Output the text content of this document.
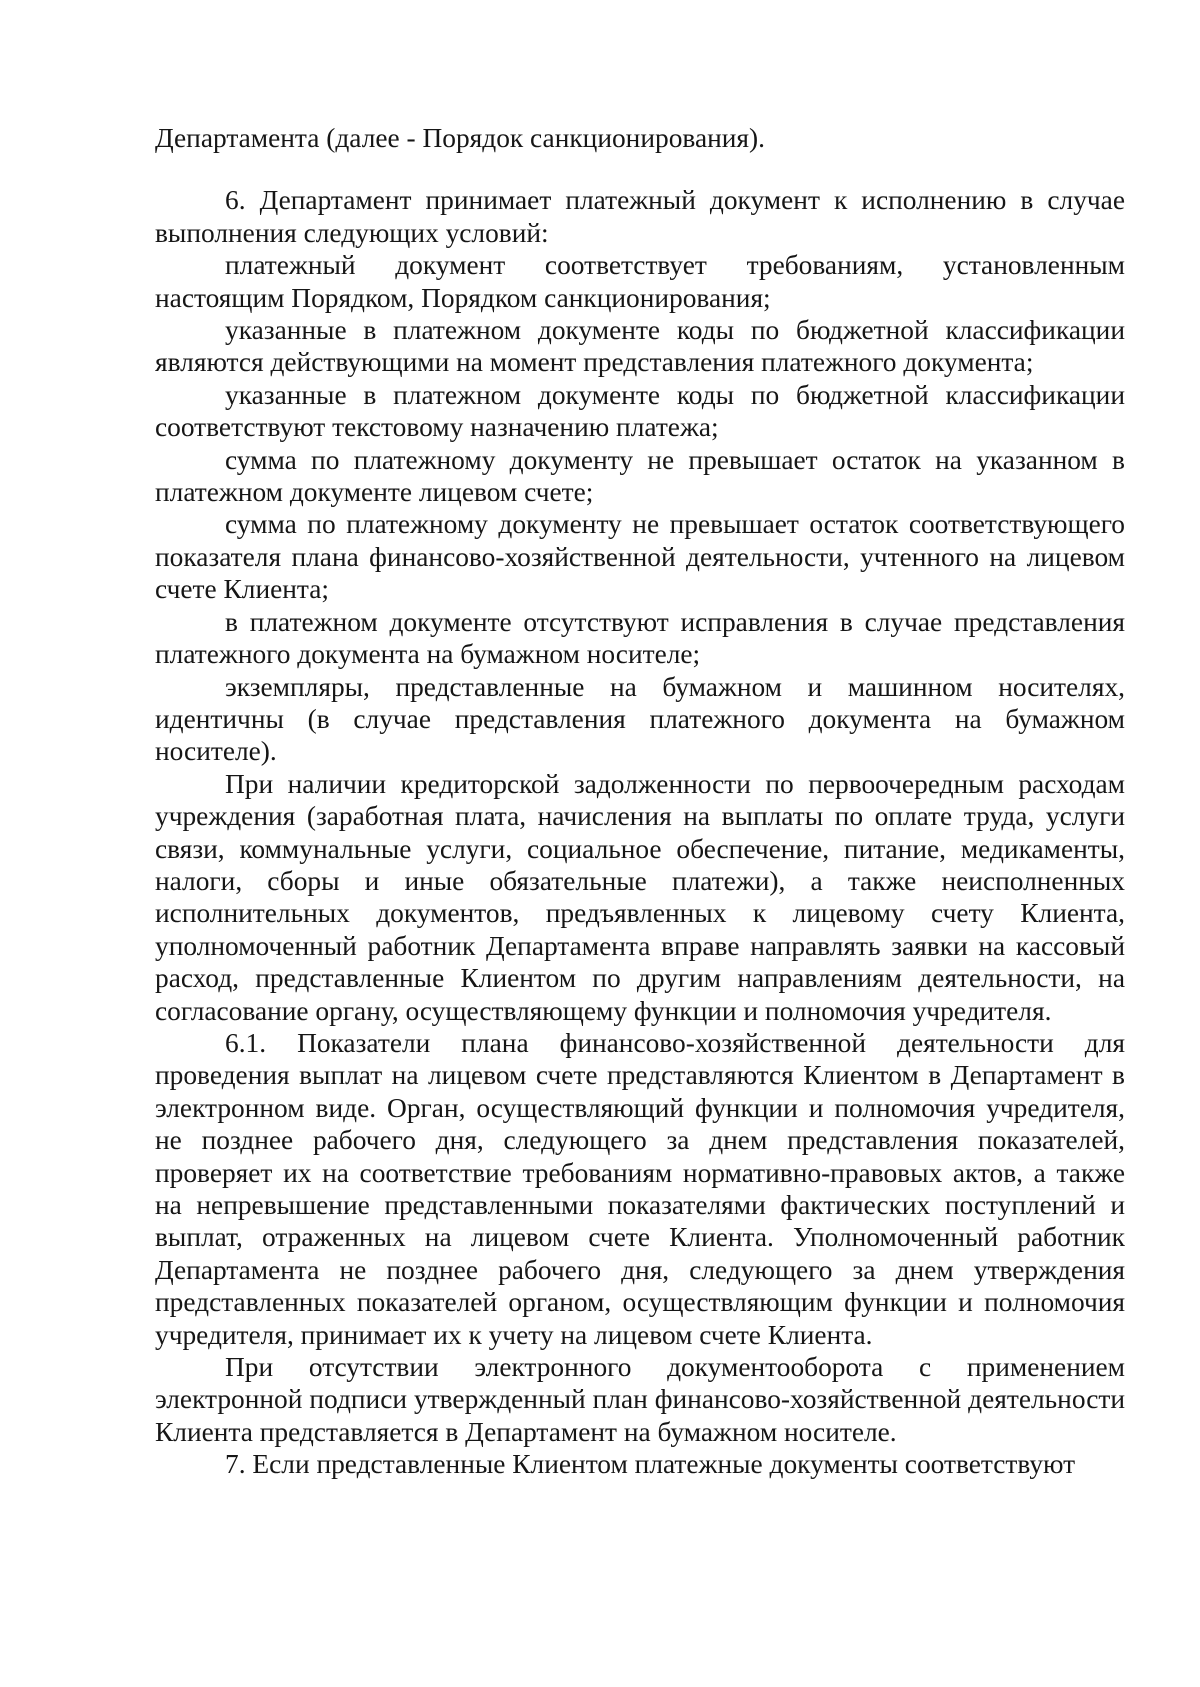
Департамента (далее - Порядок санкционирования).

6. Департамент принимает платежный документ к исполнению в случае выполнения следующих условий:

платежный документ соответствует требованиям, установленным настоящим Порядком, Порядком санкционирования;

указанные в платежном документе коды по бюджетной классификации являются действующими на момент представления платежного документа;

указанные в платежном документе коды по бюджетной классификации соответствуют текстовому назначению платежа;

сумма по платежному документу не превышает остаток на указанном в платежном документе лицевом счете;

сумма по платежному документу не превышает остаток соответствующего показателя плана финансово-хозяйственной деятельности, учтенного на лицевом счете Клиента;

в платежном документе отсутствуют исправления в случае представления платежного документа на бумажном носителе;

экземпляры, представленные на бумажном и машинном носителях, идентичны (в случае представления платежного документа на бумажном носителе).

При наличии кредиторской задолженности по первоочередным расходам учреждения (заработная плата, начисления на выплаты по оплате труда, услуги связи, коммунальные услуги, социальное обеспечение, питание, медикаменты, налоги, сборы и иные обязательные платежи), а также неисполненных исполнительных документов, предъявленных к лицевому счету Клиента, уполномоченный работник Департамента вправе направлять заявки на кассовый расход, представленные Клиентом по другим направлениям деятельности, на согласование органу, осуществляющему функции и полномочия учредителя.

6.1. Показатели плана финансово-хозяйственной деятельности для проведения выплат на лицевом счете представляются Клиентом в Департамент в электронном виде. Орган, осуществляющий функции и полномочия учредителя, не позднее рабочего дня, следующего за днем представления показателей, проверяет их на соответствие требованиям нормативно-правовых актов, а также на непревышение представленными показателями фактических поступлений и выплат, отраженных на лицевом счете Клиента. Уполномоченный работник Департамента не позднее рабочего дня, следующего за днем утверждения представленных показателей органом, осуществляющим функции и полномочия учредителя, принимает их к учету на лицевом счете Клиента.

При отсутствии электронного документооборота с применением электронной подписи утвержденный план финансово-хозяйственной деятельности Клиента представляется в Департамент на бумажном носителе.

7. Если представленные Клиентом платежные документы соответствуют
